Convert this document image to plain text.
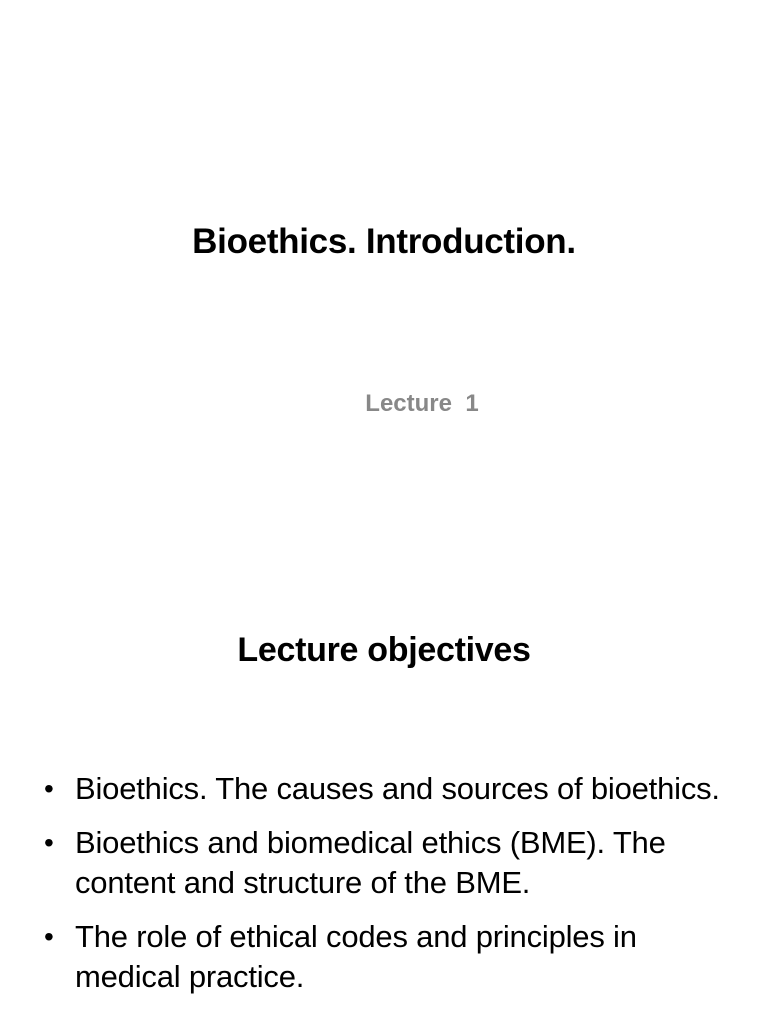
Bioethics. Introduction.
Lecture  1
Lecture objectives
• Bioethics. The causes and sources of bioethics.
• Bioethics and biomedical ethics (BME). The content and structure of the BME.
• The role of ethical codes and principles in medical practice.
